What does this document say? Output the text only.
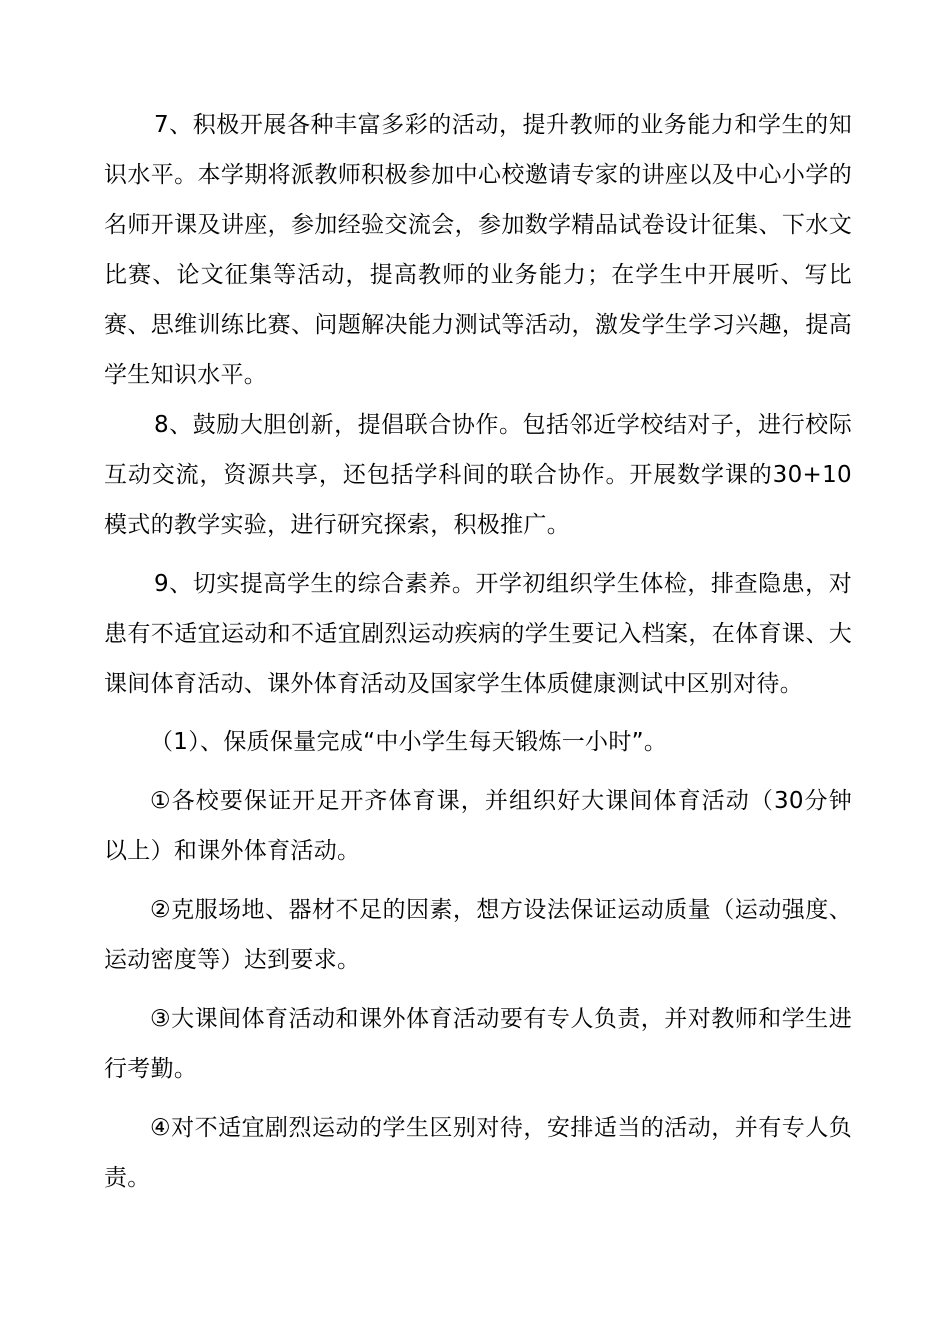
7、积极开展各种丰富多彩的活动，提升教师的业务能力和学生的知识水平。本学期将派教师积极参加中心校邀请专家的讲座以及中心小学的名师开课及讲座，参加经验交流会，参加数学精品试卷设计征集、下水文比赛、论文征集等活动，提高教师的业务能力；在学生中开展听、写比赛、思维训练比赛、问题解决能力测试等活动，激发学生学习兴趣，提高学生知识水平。

8、鼓励大胆创新，提倡联合协作。包括邻近学校结对子，进行校际互动交流，资源共享，还包括学科间的联合协作。开展数学课的30+10模式的教学实验，进行研究探索，积极推广。

9、切实提高学生的综合素养。开学初组织学生体检，排查隐患，对患有不适宜运动和不适宜剧烈运动疾病的学生要记入档案，在体育课、大课间体育活动、课外体育活动及国家学生体质健康测试中区别对待。

（1）、保质保量完成“中小学生每天锻炼一小时”。

①各校要保证开足开齐体育课，并组织好大课间体育活动（30分钟以上）和课外体育活动。

②克服场地、器材不足的因素，想方设法保证运动质量（运动强度、运动密度等）达到要求。

③大课间体育活动和课外体育活动要有专人负责，并对教师和学生进行考勤。

④对不适宜剧烈运动的学生区别对待，安排适当的活动，并有专人负责。
